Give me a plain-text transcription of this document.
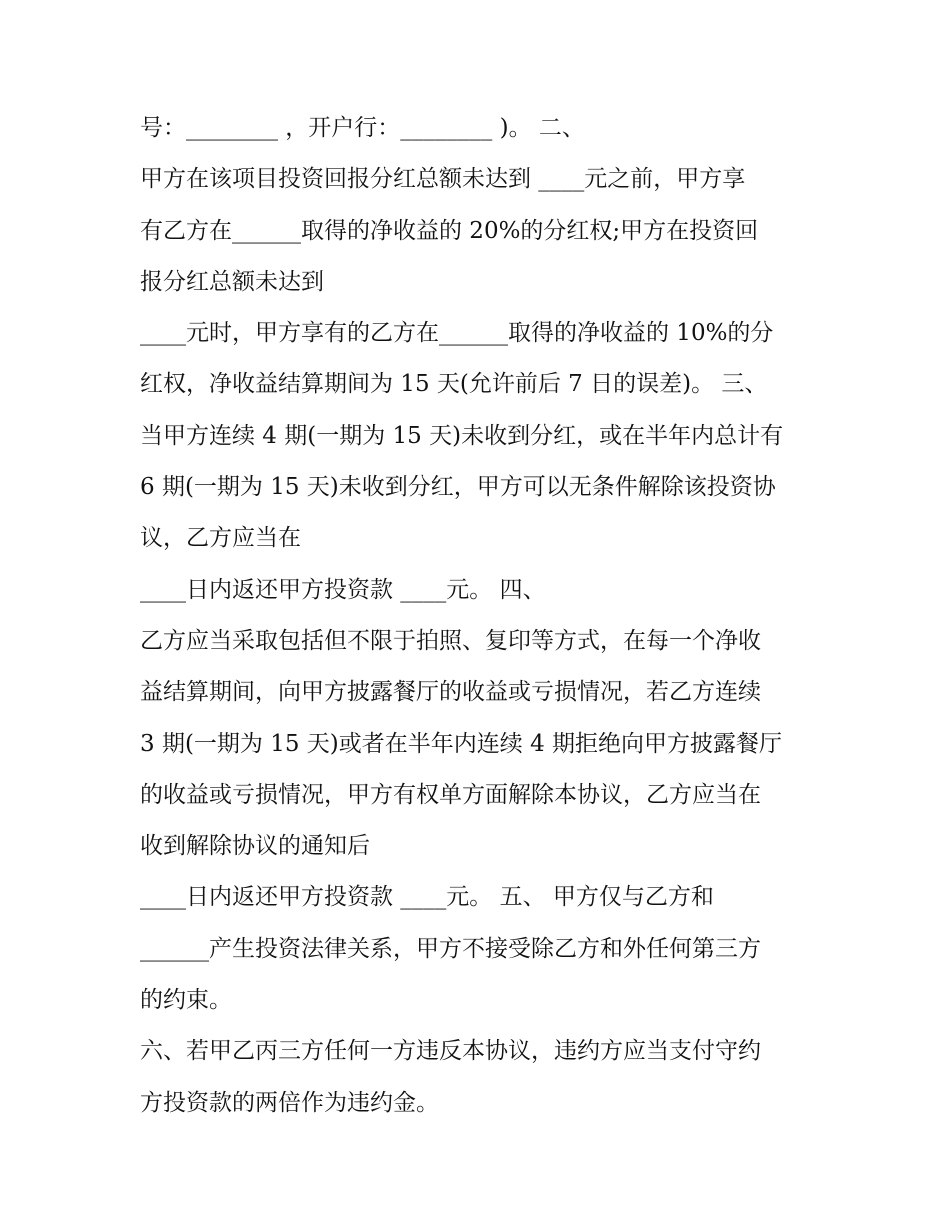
号：________ ，开户行：________ )。 二、
甲方在该项目投资回报分红总额未达到 ____元之前，甲方享
有乙方在______取得的净收益的 20%的分红权;甲方在投资回
报分红总额未达到
____元时，甲方享有的乙方在______取得的净收益的 10%的分
红权，净收益结算期间为 15 天(允许前后 7 日的误差)。 三、
当甲方连续 4 期(一期为 15 天)未收到分红，或在半年内总计有
6 期(一期为 15 天)未收到分红，甲方可以无条件解除该投资协
议，乙方应当在
____日内返还甲方投资款 ____元。 四、
乙方应当采取包括但不限于拍照、复印等方式，在每一个净收
益结算期间，向甲方披露餐厅的收益或亏损情况，若乙方连续
3 期(一期为 15 天)或者在半年内连续 4 期拒绝向甲方披露餐厅
的收益或亏损情况，甲方有权单方面解除本协议，乙方应当在
收到解除协议的通知后
____日内返还甲方投资款 ____元。 五、 甲方仅与乙方和
______产生投资法律关系，甲方不接受除乙方和外任何第三方
的约束。
六、若甲乙丙三方任何一方违反本协议，违约方应当支付守约
方投资款的两倍作为违约金。
